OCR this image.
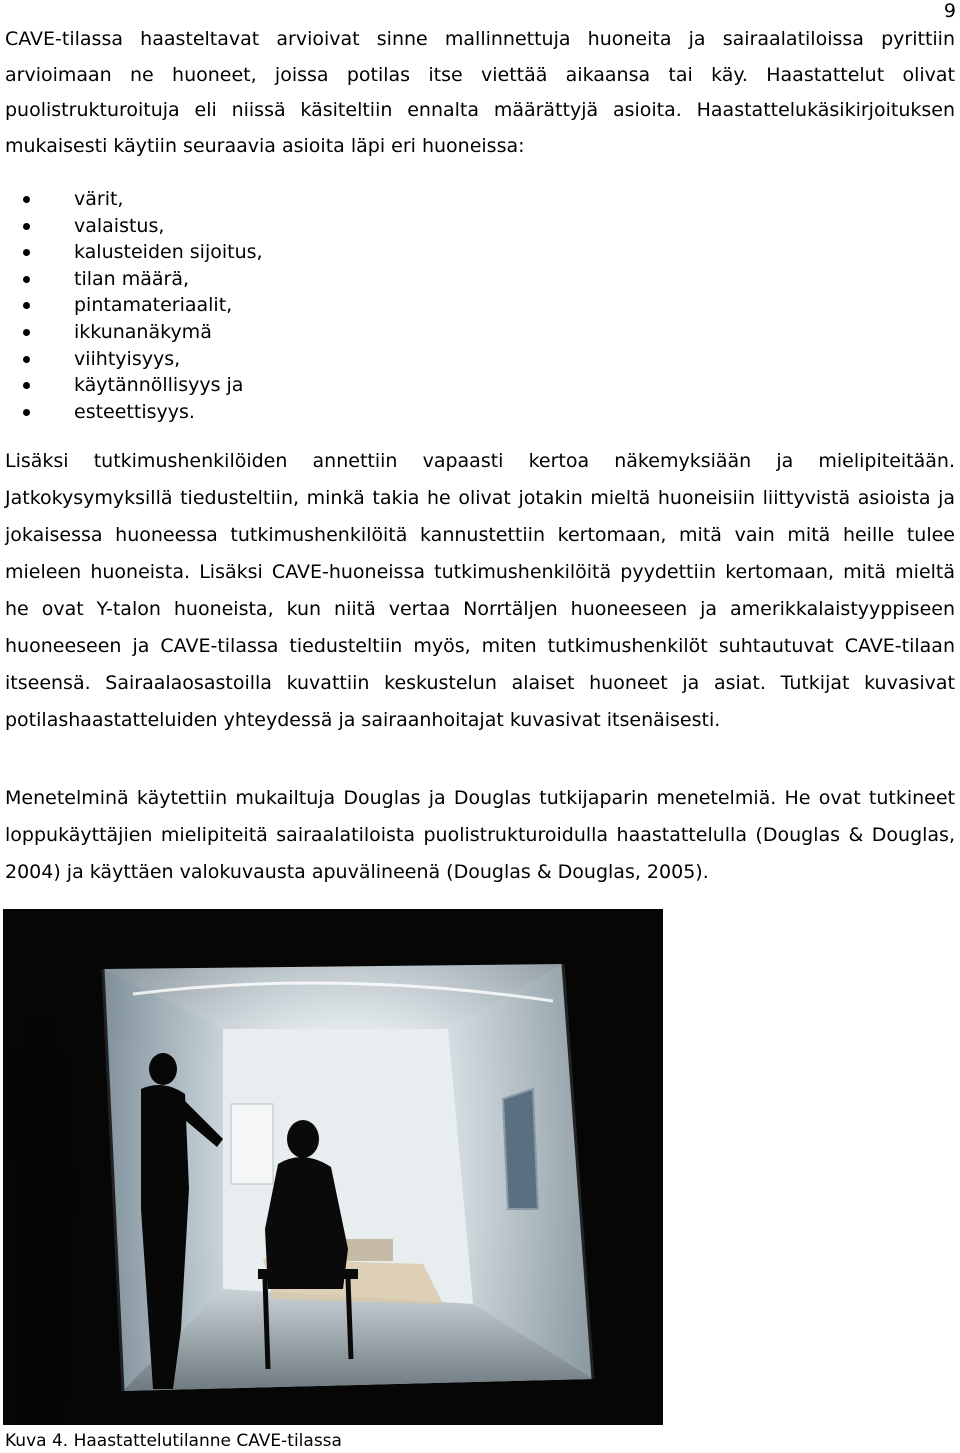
9

CAVE-tilassa haasteltavat arvioivat sinne mallinnettuja huoneita ja sairaalatiloissa pyrittiin arvioimaan ne huoneet, joissa potilas itse viettää aikaansa tai käy. Haastattelut olivat puolistrukturoituja eli niissä käsiteltiin ennalta määrättyjä asioita. Haastattelukäsikirjoituksen mukaisesti käytiin seuraavia asioita läpi eri huoneissa:

värit,
valaistus,
kalusteiden sijoitus,
tilan määrä,
pintamateriaalit,
ikkunanäkymä
viihtyisyys,
käytännöllisyys ja
esteettisyys.

Lisäksi tutkimushenkilöiden annettiin vapaasti kertoa näkemyksiään ja mielipiteitään. Jatkokysymyksillä tiedusteltiin, minkä takia he olivat jotakin mieltä huoneisiin liittyvistä asioista ja jokaisessa huoneessa tutkimushenkilöitä kannustettiin kertomaan, mitä vain mitä heille tulee mieleen huoneista. Lisäksi CAVE-huoneissa tutkimushenkilöitä pyydettiin kertomaan, mitä mieltä he ovat Y-talon huoneista, kun niitä vertaa Norrtäljen huoneeseen ja amerikkalaistyyppiseen huoneeseen ja CAVE-tilassa tiedusteltiin myös, miten tutkimushenkilöt suhtautuvat CAVE-tilaan itseensä. Sairaalaosastoilla kuvattiin keskustelun alaiset huoneet ja asiat. Tutkijat kuvasivat potilashaastatteluiden yhteydessä ja sairaanhoitajat kuvasivat itsenäisesti.

Menetelminä käytettiin mukailtuja Douglas ja Douglas tutkijaparin menetelmiä. He ovat tutkineet loppukäyttäjien mielipiteitä sairaalatiloista puolistrukturoidulla haastattelulla (Douglas & Douglas, 2004) ja käyttäen valokuvausta apuvälineenä (Douglas & Douglas, 2005).

Kuva 4. Haastattelutilanne CAVE-tilassa
